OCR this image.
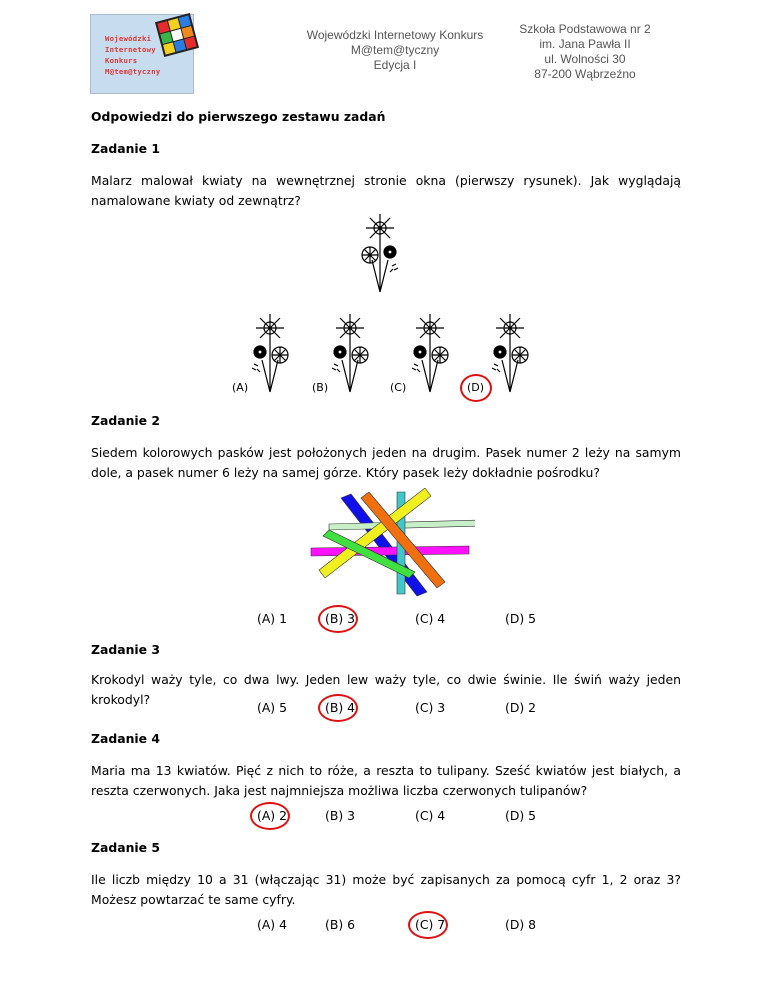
Wojewódzki
Internetowy
Konkurs
M@tem@tyczny
Wojewódzki Internetowy Konkurs
M@tem@tyczny
Edycja I
Szkoła Podstawowa nr 2
im. Jana Pawła II
ul. Wolności 30
87-200 Wąbrzeźno
Odpowiedzi do pierwszego zestawu zadań
Zadanie 1
Malarz malował kwiaty na wewnętrznej stronie okna (pierwszy rysunek). Jak wyglądają namalowane kwiaty od zewnątrz?
(A)	(B)	(C)	(D)
Zadanie 2
Siedem kolorowych pasków jest położonych jeden na drugim. Pasek numer 2 leży na samym dole, a pasek numer 6 leży na samej górze. Który pasek leży dokładnie pośrodku?
(A) 1	(B) 3	(C) 4	(D) 5
Zadanie 3
Krokodyl waży tyle, co dwa lwy. Jeden lew waży tyle, co dwie świnie. Ile świń waży jeden krokodyl?
(A) 5	(B) 4	(C) 3	(D) 2
Zadanie 4
Maria ma 13 kwiatów. Pięć z nich to róże, a reszta to tulipany. Sześć kwiatów jest białych, a reszta czerwonych. Jaka jest najmniejsza możliwa liczba czerwonych tulipanów?
(A) 2	(B) 3	(C) 4	(D) 5
Zadanie 5
Ile liczb między 10 a 31 (włączając 31) może być zapisanych za pomocą cyfr 1, 2 oraz 3? Możesz powtarzać te same cyfry.
(A) 4	(B) 6	(C) 7	(D) 8
